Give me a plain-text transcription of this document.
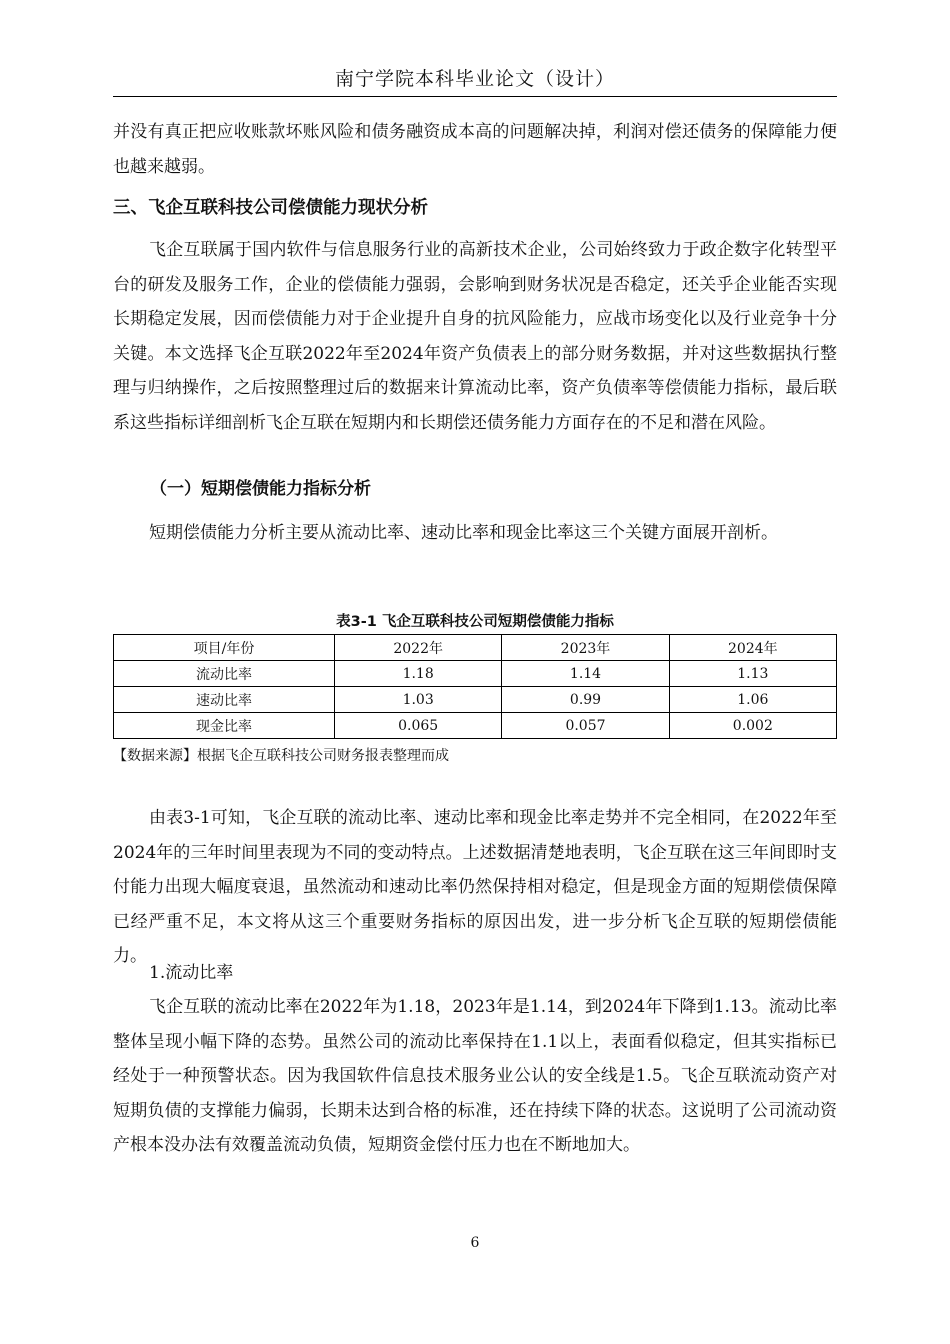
南宁学院本科毕业论文（设计）

并没有真正把应收账款坏账风险和债务融资成本高的问题解决掉，利润对偿还债务的保障能力便也越来越弱。

三、飞企互联科技公司偿债能力现状分析

飞企互联属于国内软件与信息服务行业的高新技术企业，公司始终致力于政企数字化转型平台的研发及服务工作，企业的偿债能力强弱，会影响到财务状况是否稳定，还关乎企业能否实现长期稳定发展，因而偿债能力对于企业提升自身的抗风险能力，应战市场变化以及行业竞争十分关键。本文选择飞企互联2022年至2024年资产负债表上的部分财务数据，并对这些数据执行整理与归纳操作，之后按照整理过后的数据来计算流动比率，资产负债率等偿债能力指标，最后联系这些指标详细剖析飞企互联在短期内和长期偿还债务能力方面存在的不足和潜在风险。

（一）短期偿债能力指标分析

短期偿债能力分析主要从流动比率、速动比率和现金比率这三个关键方面展开剖析。

表3-1 飞企互联科技公司短期偿债能力指标
项目/年份	2022年	2023年	2024年
流动比率	1.18	1.14	1.13
速动比率	1.03	0.99	1.06
现金比率	0.065	0.057	0.002
【数据来源】根据飞企互联科技公司财务报表整理而成

由表3-1可知，飞企互联的流动比率、速动比率和现金比率走势并不完全相同，在2022年至2024年的三年时间里表现为不同的变动特点。上述数据清楚地表明，飞企互联在这三年间即时支付能力出现大幅度衰退，虽然流动和速动比率仍然保持相对稳定，但是现金方面的短期偿债保障已经严重不足，本文将从这三个重要财务指标的原因出发，进一步分析飞企互联的短期偿债能力。

1.流动比率

飞企互联的流动比率在2022年为1.18，2023年是1.14，到2024年下降到1.13。流动比率整体呈现小幅下降的态势。虽然公司的流动比率保持在1.1以上，表面看似稳定，但其实指标已经处于一种预警状态。因为我国软件信息技术服务业公认的安全线是1.5。飞企互联流动资产对短期负债的支撑能力偏弱，长期未达到合格的标准，还在持续下降的状态。这说明了公司流动资产根本没办法有效覆盖流动负债，短期资金偿付压力也在不断地加大。

6
